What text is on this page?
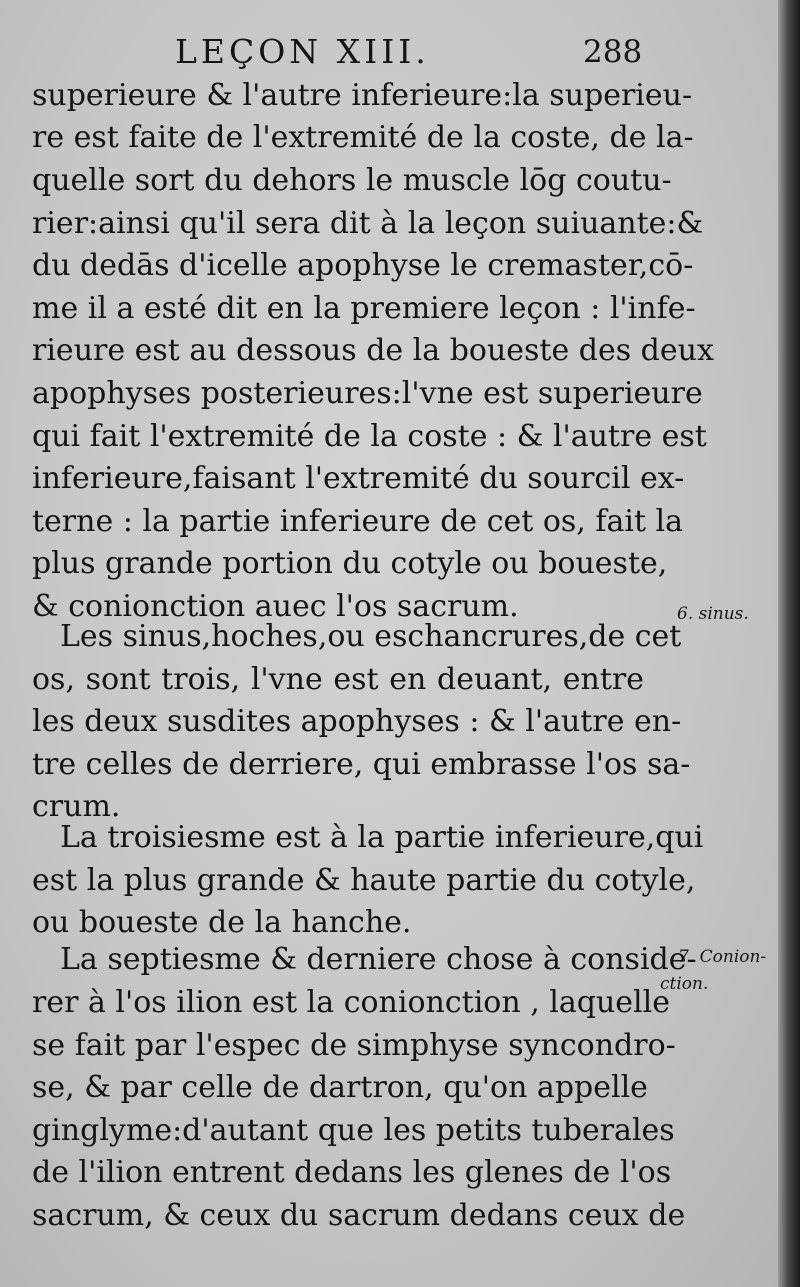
LEÇON XIII.	288
superieure & l'autre inferieure:la superieu-
re est faite de l'extremité de la coste, de la-
quelle sort du dehors le muscle lōg coutu-
rier:ainsi qu'il sera dit à la leçon suiuante:&
du dedās d'icelle apophyse le cremaster,cō-
me il a esté dit en la premiere leçon : l'infe-
rieure est au dessous de la boueste des deux
apophyses posterieures:l'vne est superieure
qui fait l'extremité de la coste : & l'autre est
inferieure,faisant l'extremité du sourcil ex-
terne : la partie inferieure de cet os, fait la
plus grande portion du cotyle ou boueste,
& conionction auec l'os sacrum.
Les sinus,hoches,ou eschancrures,de cet
os, sont trois, l'vne est en deuant, entre
les deux susdites apophyses : & l'autre en-
tre celles de derriere, qui embrasse l'os sa-
crum.
La troisiesme est à la partie inferieure,qui
est la plus grande & haute partie du cotyle,
ou boueste de la hanche.
La septiesme & derniere chose à conside-
rer à l'os ilion est la conionction , laquelle
se fait par l'espec de simphyse syncondro-
se, & par celle de dartron, qu'on appelle
ginglyme:d'autant que les petits tuberales
de l'ilion entrent dedans les glenes de l'os
sacrum, & ceux du sacrum dedans ceux de
6. sinus.
7. Conion-
ction.
